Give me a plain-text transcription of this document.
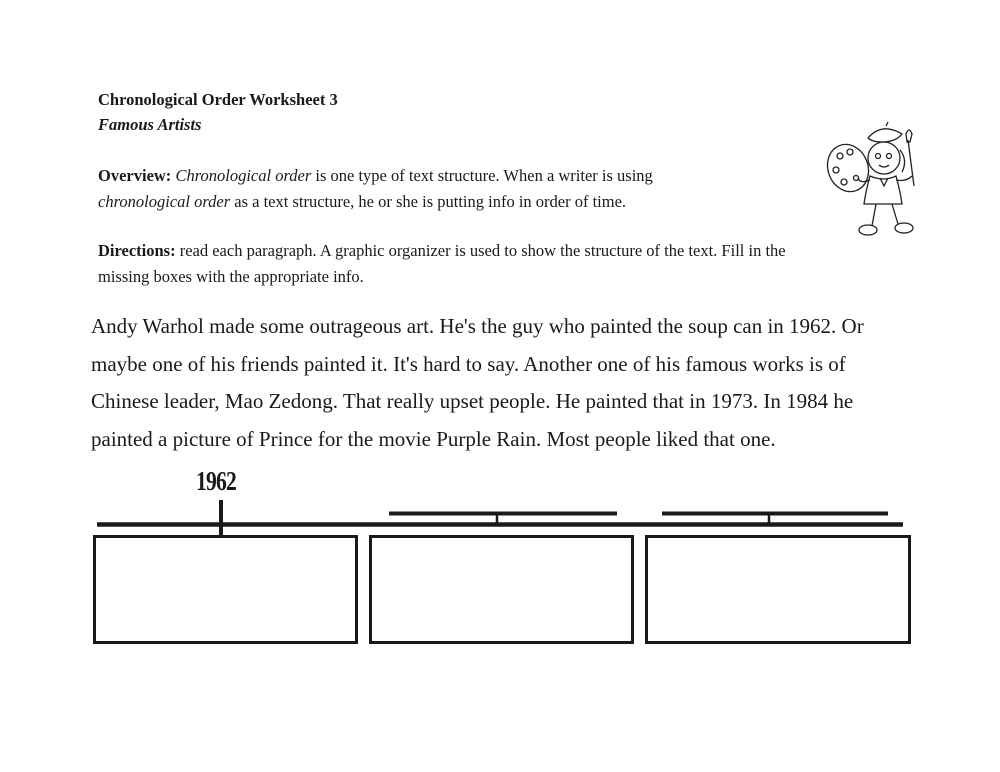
Chronological Order Worksheet 3
Famous Artists
Overview: Chronological order is one type of text structure. When a writer is using
chronological order as a text structure, he or she is putting info in order of time.
Directions: read each paragraph. A graphic organizer is used to show the structure of the text. Fill in the missing boxes with the appropriate info.
Andy Warhol made some outrageous art. He's the guy who painted the soup can in 1962. Or
maybe one of his friends painted it. It's hard to say. Another one of his famous works is of
Chinese leader, Mao Zedong. That really upset people. He painted that in 1973. In 1984 he
painted a picture of Prince for the movie Purple Rain. Most people liked that one.
1962
